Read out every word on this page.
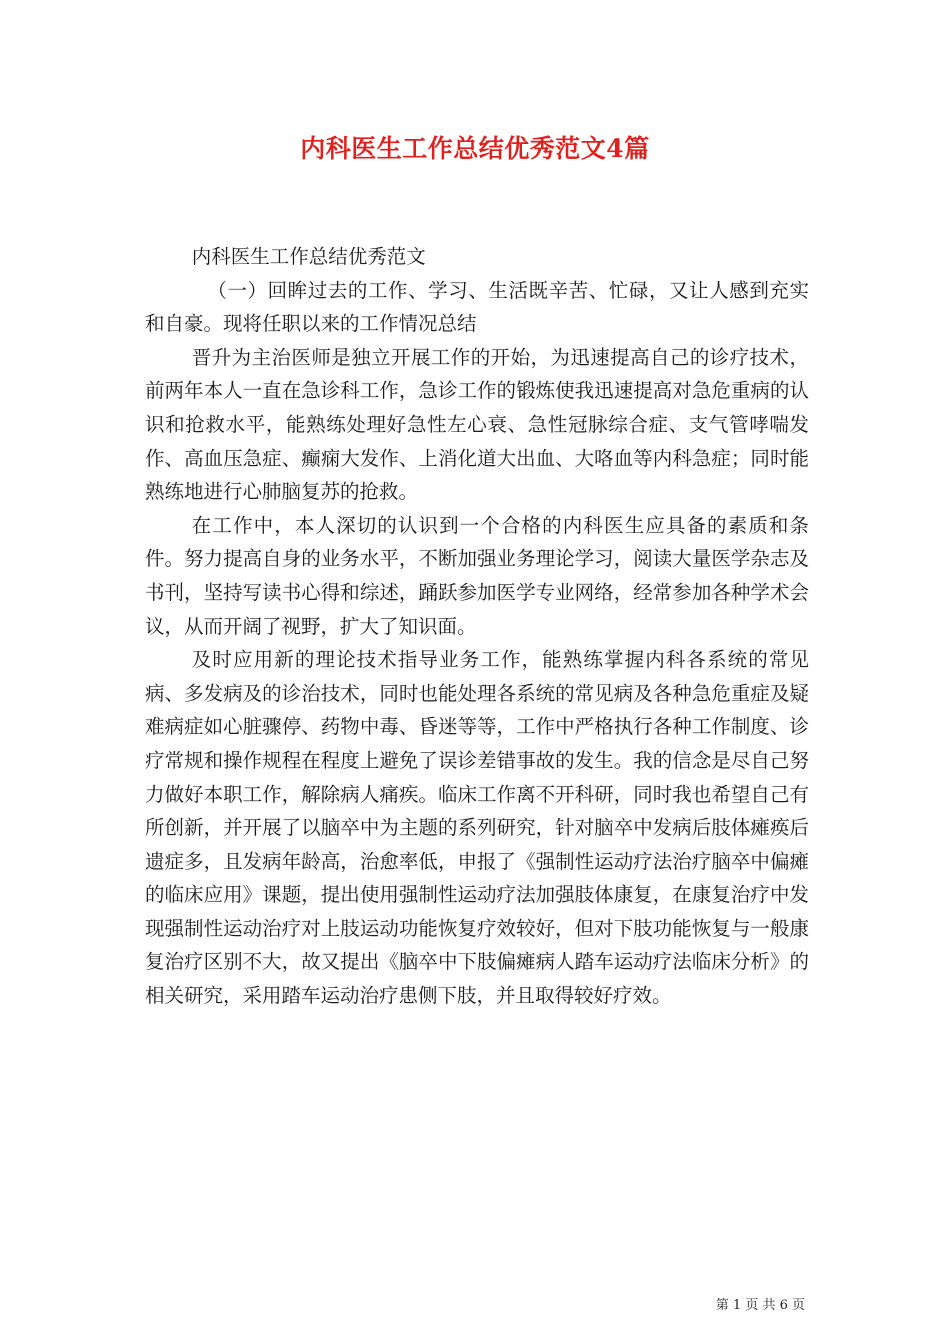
内科医生工作总结优秀范文4篇

内科医生工作总结优秀范文

（一）回眸过去的工作、学习、生活既辛苦、忙碌，又让人感到充实和自豪。现将任职以来的工作情况总结

晋升为主治医师是独立开展工作的开始，为迅速提高自己的诊疗技术，前两年本人一直在急诊科工作，急诊工作的锻炼使我迅速提高对急危重病的认识和抢救水平，能熟练处理好急性左心衰、急性冠脉综合症、支气管哮喘发作、高血压急症、癫痫大发作、上消化道大出血、大咯血等内科急症；同时能熟练地进行心肺脑复苏的抢救。

在工作中，本人深切的认识到一个合格的内科医生应具备的素质和条件。努力提高自身的业务水平，不断加强业务理论学习，阅读大量医学杂志及书刊，坚持写读书心得和综述，踊跃参加医学专业网络，经常参加各种学术会议，从而开阔了视野，扩大了知识面。

及时应用新的理论技术指导业务工作，能熟练掌握内科各系统的常见病、多发病及的诊治技术，同时也能处理各系统的常见病及各种急危重症及疑难病症如心脏骤停、药物中毒、昏迷等等，工作中严格执行各种工作制度、诊疗常规和操作规程在程度上避免了误诊差错事故的发生。我的信念是尽自己努力做好本职工作，解除病人痛疾。临床工作离不开科研，同时我也希望自己有所创新，并开展了以脑卒中为主题的系列研究，针对脑卒中发病后肢体瘫痪后遗症多，且发病年龄高，治愈率低，申报了《强制性运动疗法治疗脑卒中偏瘫的临床应用》课题，提出使用强制性运动疗法加强肢体康复，在康复治疗中发现强制性运动治疗对上肢运动功能恢复疗效较好，但对下肢功能恢复与一般康复治疗区别不大，故又提出《脑卒中下肢偏瘫病人踏车运动疗法临床分析》的相关研究，采用踏车运动治疗患侧下肢，并且取得较好疗效。

第 1 页 共 6 页
